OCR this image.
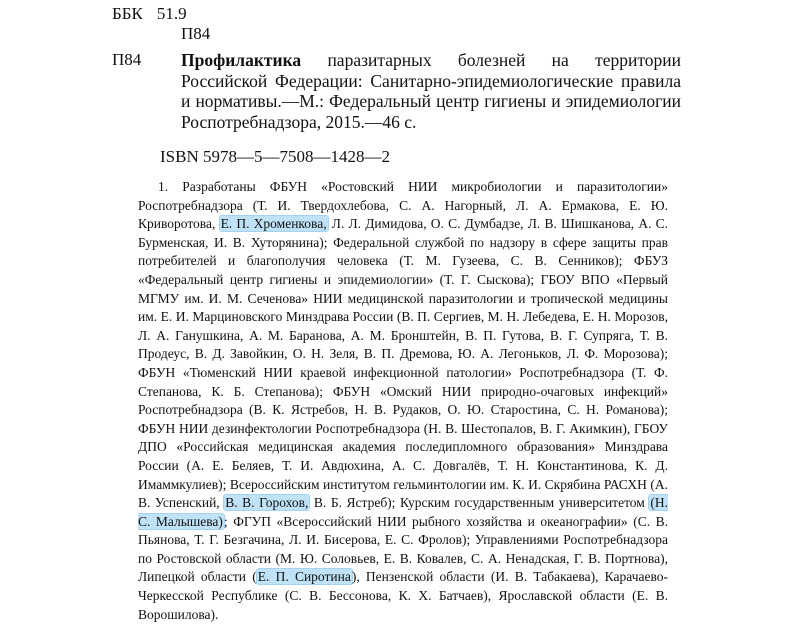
ББК 51.9
П84
П84 Профилактика паразитарных болезней на территории Российской Федерации: Санитарно-эпидемиологические правила и нормативы.—М.: Федеральный центр гигиены и эпидемиологии Роспотребнадзора, 2015.—46 с.

ISBN 5978—5—7508—1428—2

1. Разработаны ФБУН «Ростовский НИИ микробиологии и паразитологии» Роспотребнадзора (Т. И. Твердохлебова, С. А. Нагорный, Л. А. Ермакова, Е. Ю. Криворотова, Е. П. Хроменкова, Л. Л. Димидова, О. С. Думбадзе, Л. В. Шишканова, А. С. Бурменская, И. В. Хуторянина); Федеральной службой по надзору в сфере защиты прав потребителей и благополучия человека (Т. М. Гузеева, С. В. Сенников); ФБУЗ «Федеральный центр гигиены и эпидемиологии» (Т. Г. Сыскова); ГБОУ ВПО «Первый МГМУ им. И. М. Сеченова» НИИ медицинской паразитологии и тропической медицины им. Е. И. Марциновского Минздрава России (В. П. Сергиев, М. Н. Лебедева, Е. Н. Морозов, Л. А. Ганушкина, А. М. Баранова, А. М. Бронштейн, В. П. Гутова, В. Г. Супряга, Т. В. Продеус, В. Д. Завойкин, О. Н. Зеля, В. П. Дремова, Ю. А. Легоньков, Л. Ф. Морозова); ФБУН «Тюменский НИИ краевой инфекционной патологии» Роспотребнадзора (Т. Ф. Степанова, К. Б. Степанова); ФБУН «Омский НИИ природно-очаговых инфекций» Роспотребнадзора (В. К. Ястребов, Н. В. Рудаков, О. Ю. Старостина, С. Н. Романова); ФБУН НИИ дезинфектологии Роспотребнадзора (Н. В. Шестопалов, В. Г. Акимкин), ГБОУ ДПО «Российская медицинская академия последипломного образования» Минздрава России (А. Е. Беляев, Т. И. Авдюхина, А. С. Довгалёв, Т. Н. Константинова, К. Д. Имаммкулиев); Всероссийским институтом гельминтологии им. К. И. Скрябина РАСХН (А. В. Успенский, В. В. Горохов, В. Б. Ястреб); Курским государственным университетом (Н. С. Малышева); ФГУП «Всероссийский НИИ рыбного хозяйства и океанографии» (С. В. Пьянова, Т. Г. Безгачина, Л. И. Бисерова, Е. С. Фролов); Управлениями Роспотребнадзора по Ростовской области (М. Ю. Соловьев, Е. В. Ковалев, С. А. Ненадская, Г. В. Портнова), Липецкой области (Е. П. Сиротина), Пензенской области (И. В. Табакаева), Карачаево-Черкесской Республике (С. В. Бессонова, К. Х. Батчаев), Ярославской области (Е. В. Ворошилова).
